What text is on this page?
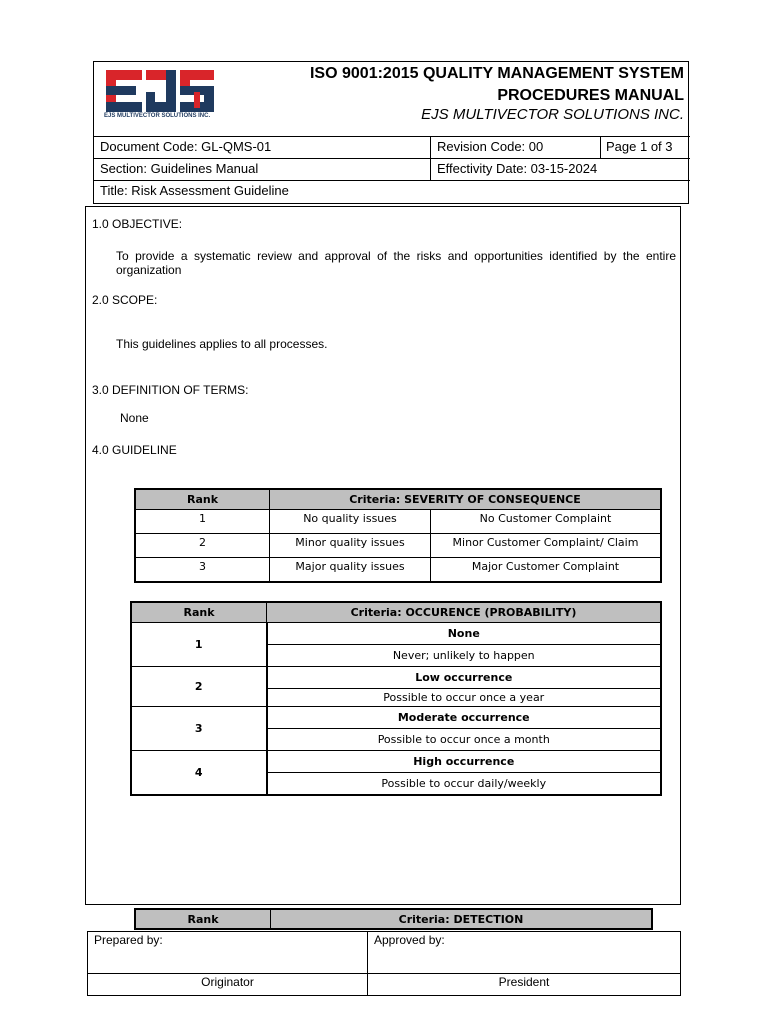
EJS MULTIVECTOR SOLUTIONS INC.
ISO 9001:2015 QUALITY MANAGEMENT SYSTEM
PROCEDURES MANUAL
EJS MULTIVECTOR SOLUTIONS INC.
Document Code: GL-QMS-01	Revision Code: 00	Page 1 of 3
Section: Guidelines Manual	Effectivity Date: 03-15-2024
Title: Risk Assessment Guideline
1.0 OBJECTIVE:
To provide a systematic review and approval of the risks and opportunities identified by the entire organization
2.0 SCOPE:
This guidelines applies to all processes.
3.0 DEFINITION OF TERMS:
None
4.0 GUIDELINE
Rank	Criteria: SEVERITY OF CONSEQUENCE	
1	No quality issues	No Customer Complaint
2	Minor quality issues	Minor Customer Complaint/ Claim
3	Major quality issues	Major Customer Complaint
Rank	Criteria: OCCURENCE (PROBABILITY)
1	None
	Never; unlikely to happen
2	Low occurrence
	Possible to occur once a year
3	Moderate occurrence
	Possible to occur once a month
4	High occurrence
	Possible to occur daily/weekly
Rank	Criteria: DETECTION
Prepared by:	Approved by:
Originator	President
